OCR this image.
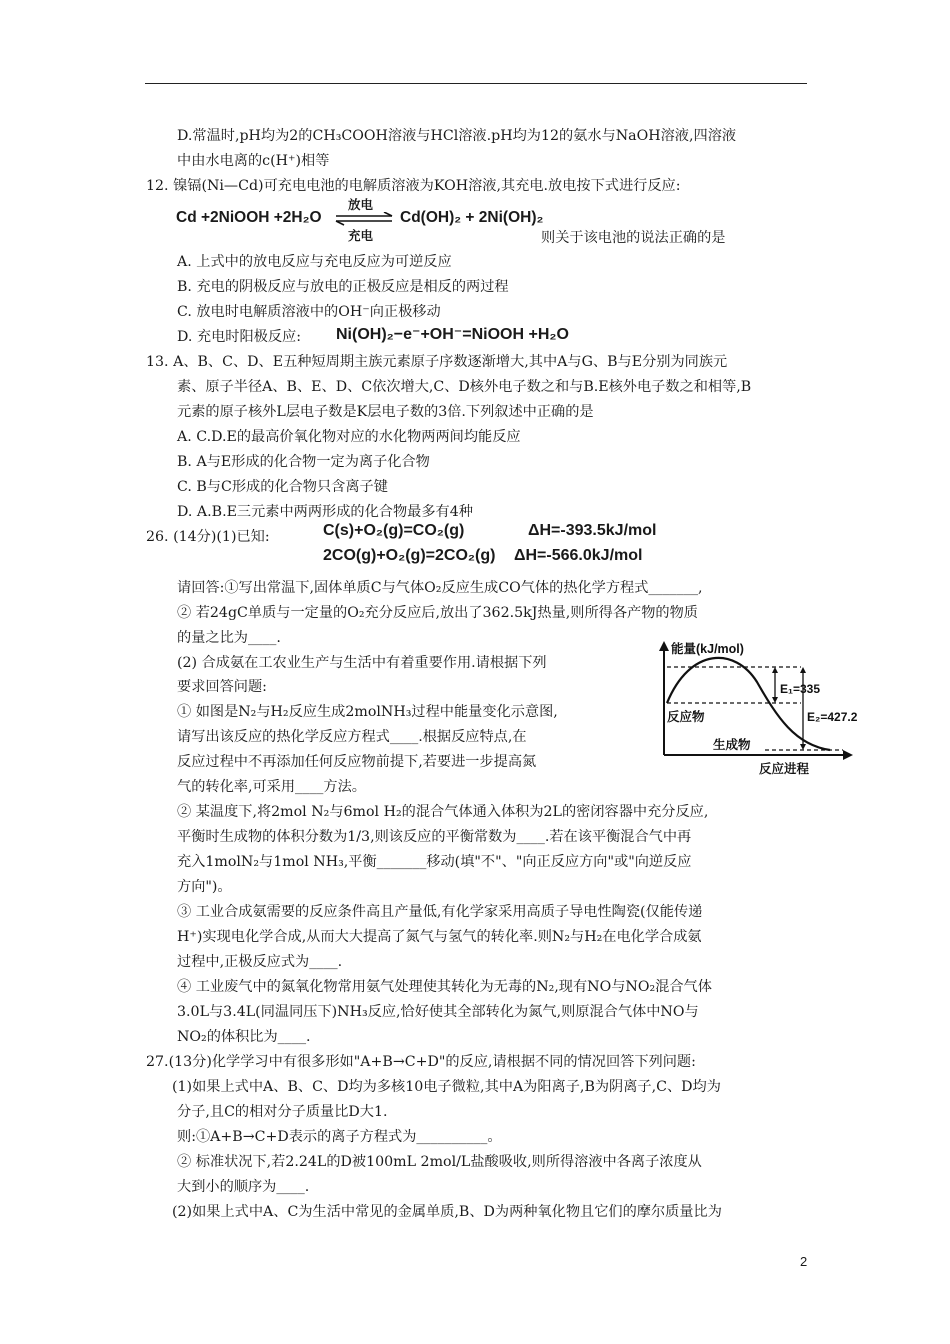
D.常温时,pH均为2的CH₃COOH溶液与HCl溶液.pH均为12的氨水与NaOH溶液,四溶液
中由水电离的c(H⁺)相等
12. 镍镉(Ni—Cd)可充电电池的电解质溶液为KOH溶液,其充电.放电按下式进行反应:
则关于该电池的说法正确的是
A. 上式中的放电反应与充电反应为可逆反应
B. 充电的阴极反应与放电的正极反应是相反的两过程
C. 放电时电解质溶液中的OH⁻向正极移动
D. 充电时阳极反应:
13. A、B、C、D、E五种短周期主族元素原子序数逐渐增大,其中A与G、B与E分别为同族元
素、原子半径A、B、E、D、C依次增大,C、D核外电子数之和与B.E核外电子数之和相等,B
元素的原子核外L层电子数是K层电子数的3倍.下列叙述中正确的是
A. C.D.E的最高价氧化物对应的水化物两两间均能反应
B. A与E形成的化合物一定为离子化合物
C. B与C形成的化合物只含离子键
D. A.B.E三元素中两两形成的化合物最多有4种
26. (14分)(1)已知:
请回答:①写出常温下,固体单质C与气体O₂反应生成CO气体的热化学方程式_______,
② 若24gC单质与一定量的O₂充分反应后,放出了362.5kJ热量,则所得各产物的物质
的量之比为____.
(2) 合成氨在工农业生产与生活中有着重要作用.请根据下列
要求回答问题:
① 如图是N₂与H₂反应生成2molNH₃过程中能量变化示意图,
请写出该反应的热化学反应方程式____.根据反应特点,在
反应过程中不再添加任何反应物前提下,若要进一步提高氮
气的转化率,可采用____方法。
② 某温度下,将2mol N₂与6mol H₂的混合气体通入体积为2L的密闭容器中充分反应,
平衡时生成物的体积分数为1/3,则该反应的平衡常数为____.若在该平衡混合气中再
充入1molN₂与1mol NH₃,平衡_______移动(填"不"、"向正反应方向"或"向逆反应
方向")。
③ 工业合成氨需要的反应条件高且产量低,有化学家采用高质子导电性陶瓷(仅能传递
H⁺)实现电化学合成,从而大大提高了氮气与氢气的转化率.则N₂与H₂在电化学合成氨
过程中,正极反应式为____.
④ 工业废气中的氮氧化物常用氨气处理使其转化为无毒的N₂,现有NO与NO₂混合气体
3.0L与3.4L(同温同压下)NH₃反应,恰好使其全部转化为氮气,则原混合气体中NO与
NO₂的体积比为____.
27.(13分)化学学习中有很多形如"A+B→C+D"的反应,请根据不同的情况回答下列问题:
(1)如果上式中A、B、C、D均为多核10电子微粒,其中A为阳离子,B为阴离子,C、D均为
分子,且C的相对分子质量比D大1.
则:①A+B→C+D表示的离子方程式为__________。
② 标准状况下,若2.24L的D被100mL 2mol/L盐酸吸收,则所得溶液中各离子浓度从
大到小的顺序为____.
(2)如果上式中A、C为生活中常见的金属单质,B、D为两种氧化物且它们的摩尔质量比为
Cd +2NiOOH +2H₂O
放电
充电
Cd(OH)₂ + 2Ni(OH)₂
Ni(OH)₂−e⁻+OH⁻=NiOOH +H₂O
C(s)+O₂(g)=CO₂(g)	ΔH=-393.5kJ/mol
2CO(g)+O₂(g)=2CO₂(g) ΔH=-566.0kJ/mol
能量(kJ/mol)
E₁=335
E₂=427.2
反应物
生成物
反应进程
2
